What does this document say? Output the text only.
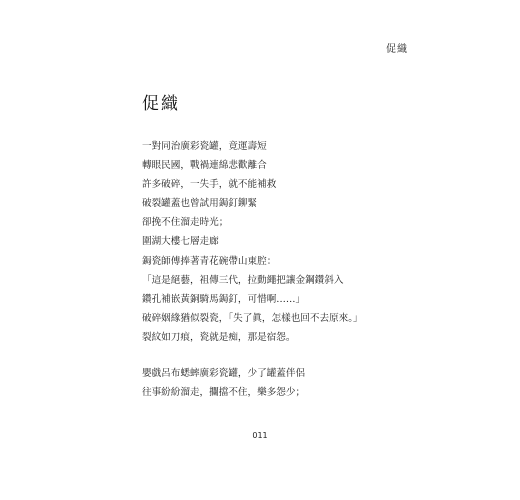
促織
促織
一對同治廣彩瓷罐，竟運壽短
轉眼民國，戰禍連綿悲歡離合
許多破碎，一失手，就不能補救
破裂罐蓋也曾試用鋦釘鉚緊
卻挽不住溜走時光；
圍湖大樓七層走廊
鋦瓷師傅捧著青花碗帶山東腔：
「這是絕藝，祖傳三代，拉動繩把讓金鋼鑽斜入
鑽孔補嵌黃銅騎馬鋦釘，可惜啊……」
破碎姻緣猶似裂瓷，「失了眞，怎樣也回不去原來。」
裂紋如刀痕，瓷就是痴，那是宿怨。
嬰戲呂布蟋蟀廣彩瓷罐，少了罐蓋伴侶
往事紛紛溜走，攔擋不住，樂多怨少；
011
